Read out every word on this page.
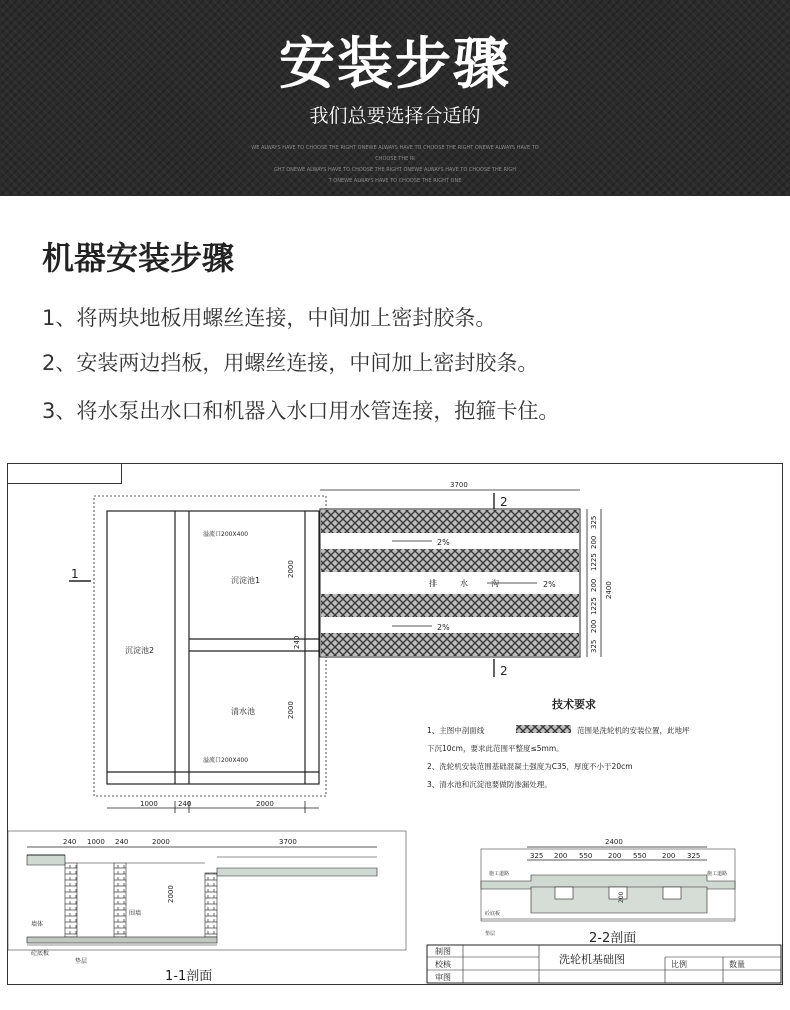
安装步骤
我们总要选择合适的
WE ALWAYS HAVE TO CHOOSE THE RIGHT ONEWE ALWAYS HAVE TO CHOOSE THE RIGHT ONEWE ALWAYS HAVE TO CHOOSE THE RI
GHT ONEWE ALWAYS HAVE TO CHOOSE THE RIGHT ONEWE ALWAYS HAVE TO CHOOSE THE RIGH
T ONEWE ALWAYS HAVE TO CHOOSE THE RIGHT ONE
机器安装步骤
1、将两块地板用螺丝连接，中间加上密封胶条。
2、安装两边挡板，用螺丝连接，中间加上密封胶条。
3、将水泵出水口和机器入水口用水管连接，抱箍卡住。
3700
2
2
1
溢流口200X400
溢流口200X400
沉淀池1
沉淀池2
清水池
2%
2%
2%
排	水	沟
1000	240	2000
2000
2000
240
2400
325
200
1225
200
1225
200
325
技术要求
1、主图中剖面线	范围是洗轮机的安装位置，此地坪
下沉10cm，要求此范围平整度≤5mm。
2、洗轮机安装范围基础混凝土强度为C35，厚度不小于20cm
3、清水池和沉淀池要做防渗漏处理。
240 1000 240	2000	3700
2000
墙体
围墙
砼底板
垫层
1-1剖面
2400
325 200 550 200 550 200 325
施工道路	施工道路
砼底板
垫层
200
2-2剖面
制图
校核
审图
洗轮机基础图	比例	数量
